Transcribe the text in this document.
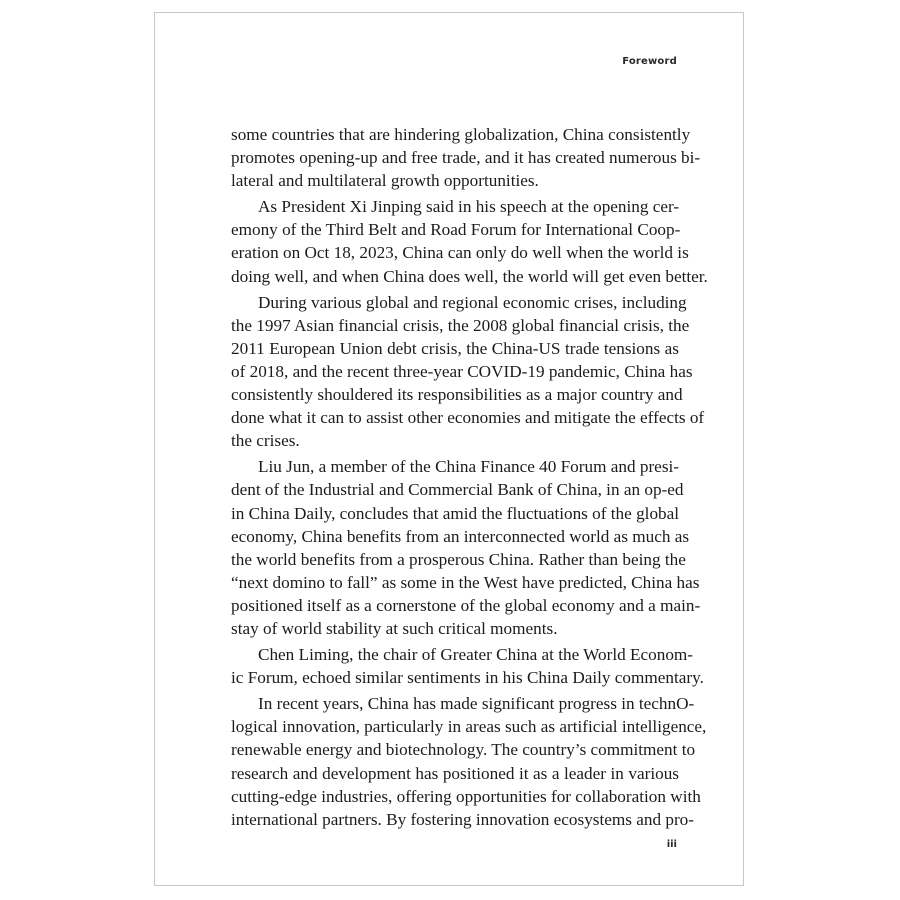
Foreword

some countries that are hindering globalization, China consistently
promotes opening-up and free trade, and it has created numerous bi-
lateral and multilateral growth opportunities.

As President Xi Jinping said in his speech at the opening cer-
emony of the Third Belt and Road Forum for International Coop-
eration on Oct 18, 2023, China can only do well when the world is
doing well, and when China does well, the world will get even better.

During various global and regional economic crises, including
the 1997 Asian financial crisis, the 2008 global financial crisis, the
2011 European Union debt crisis, the China-US trade tensions as
of 2018, and the recent three-year COVID-19 pandemic, China has
consistently shouldered its responsibilities as a major country and
done what it can to assist other economies and mitigate the effects of
the crises.

Liu Jun, a member of the China Finance 40 Forum and presi-
dent of the Industrial and Commercial Bank of China, in an op-ed
in China Daily, concludes that amid the fluctuations of the global
economy, China benefits from an interconnected world as much as
the world benefits from a prosperous China. Rather than being the
“next domino to fall” as some in the West have predicted, China has
positioned itself as a cornerstone of the global economy and a main-
stay of world stability at such critical moments.

Chen Liming, the chair of Greater China at the World Econom-
ic Forum, echoed similar sentiments in his China Daily commentary.

In recent years, China has made significant progress in technO-
logical innovation, particularly in areas such as artificial intelligence,
renewable energy and biotechnology. The country’s commitment to
research and development has positioned it as a leader in various
cutting-edge industries, offering opportunities for collaboration with
international partners. By fostering innovation ecosystems and pro-

iii
